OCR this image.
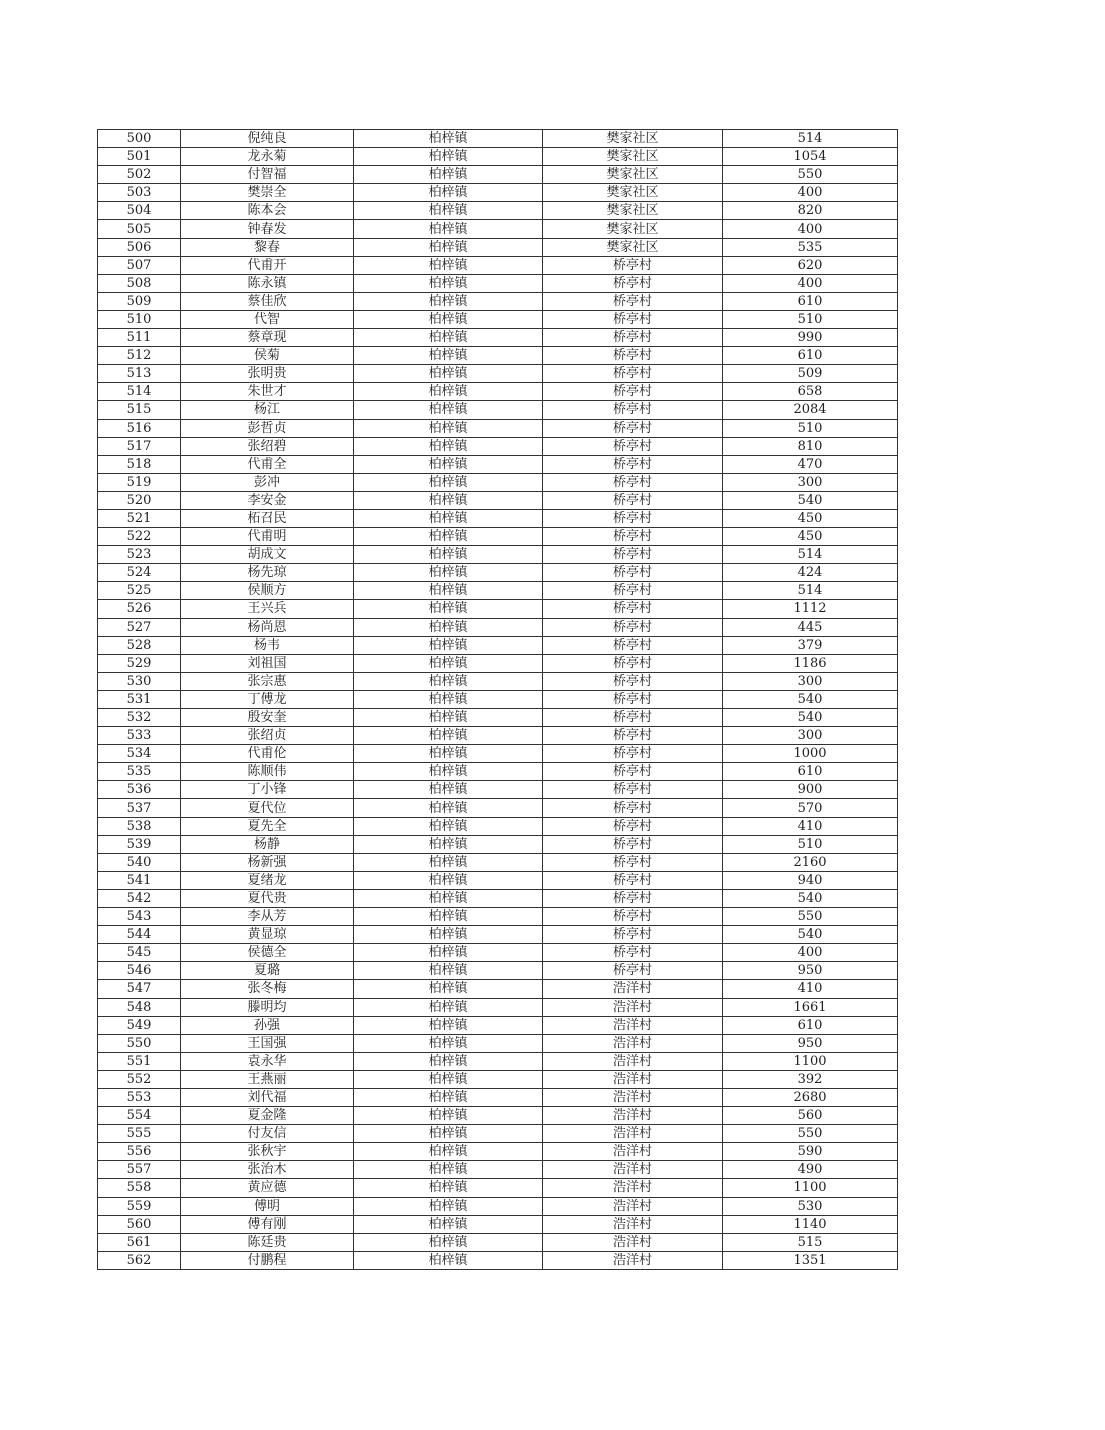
500	倪纯良	柏梓镇	樊家社区	514
501	龙永菊	柏梓镇	樊家社区	1054
502	付智福	柏梓镇	樊家社区	550
503	樊崇全	柏梓镇	樊家社区	400
504	陈本会	柏梓镇	樊家社区	820
505	钟春发	柏梓镇	樊家社区	400
506	黎春	柏梓镇	樊家社区	535
507	代甫开	柏梓镇	桥亭村	620
508	陈永镇	柏梓镇	桥亭村	400
509	蔡佳欣	柏梓镇	桥亭村	610
510	代智	柏梓镇	桥亭村	510
511	蔡章现	柏梓镇	桥亭村	990
512	侯菊	柏梓镇	桥亭村	610
513	张明贵	柏梓镇	桥亭村	509
514	朱世才	柏梓镇	桥亭村	658
515	杨江	柏梓镇	桥亭村	2084
516	彭哲贞	柏梓镇	桥亭村	510
517	张绍碧	柏梓镇	桥亭村	810
518	代甫全	柏梓镇	桥亭村	470
519	彭冲	柏梓镇	桥亭村	300
520	李安金	柏梓镇	桥亭村	540
521	柘召民	柏梓镇	桥亭村	450
522	代甫明	柏梓镇	桥亭村	450
523	胡成文	柏梓镇	桥亭村	514
524	杨先琼	柏梓镇	桥亭村	424
525	侯顺方	柏梓镇	桥亭村	514
526	王兴兵	柏梓镇	桥亭村	1112
527	杨尚恩	柏梓镇	桥亭村	445
528	杨韦	柏梓镇	桥亭村	379
529	刘祖国	柏梓镇	桥亭村	1186
530	张宗惠	柏梓镇	桥亭村	300
531	丁傅龙	柏梓镇	桥亭村	540
532	殷安奎	柏梓镇	桥亭村	540
533	张绍贞	柏梓镇	桥亭村	300
534	代甫伦	柏梓镇	桥亭村	1000
535	陈顺伟	柏梓镇	桥亭村	610
536	丁小锋	柏梓镇	桥亭村	900
537	夏代位	柏梓镇	桥亭村	570
538	夏先全	柏梓镇	桥亭村	410
539	杨静	柏梓镇	桥亭村	510
540	杨新强	柏梓镇	桥亭村	2160
541	夏绪龙	柏梓镇	桥亭村	940
542	夏代贵	柏梓镇	桥亭村	540
543	李从芳	柏梓镇	桥亭村	550
544	黄显琼	柏梓镇	桥亭村	540
545	侯德全	柏梓镇	桥亭村	400
546	夏璐	柏梓镇	桥亭村	950
547	张冬梅	柏梓镇	浩洋村	410
548	滕明均	柏梓镇	浩洋村	1661
549	孙强	柏梓镇	浩洋村	610
550	王国强	柏梓镇	浩洋村	950
551	袁永华	柏梓镇	浩洋村	1100
552	王燕丽	柏梓镇	浩洋村	392
553	刘代福	柏梓镇	浩洋村	2680
554	夏金隆	柏梓镇	浩洋村	560
555	付友信	柏梓镇	浩洋村	550
556	张秋宇	柏梓镇	浩洋村	590
557	张治木	柏梓镇	浩洋村	490
558	黄应德	柏梓镇	浩洋村	1100
559	傅明	柏梓镇	浩洋村	530
560	傅有刚	柏梓镇	浩洋村	1140
561	陈廷贵	柏梓镇	浩洋村	515
562	付鹏程	柏梓镇	浩洋村	1351
